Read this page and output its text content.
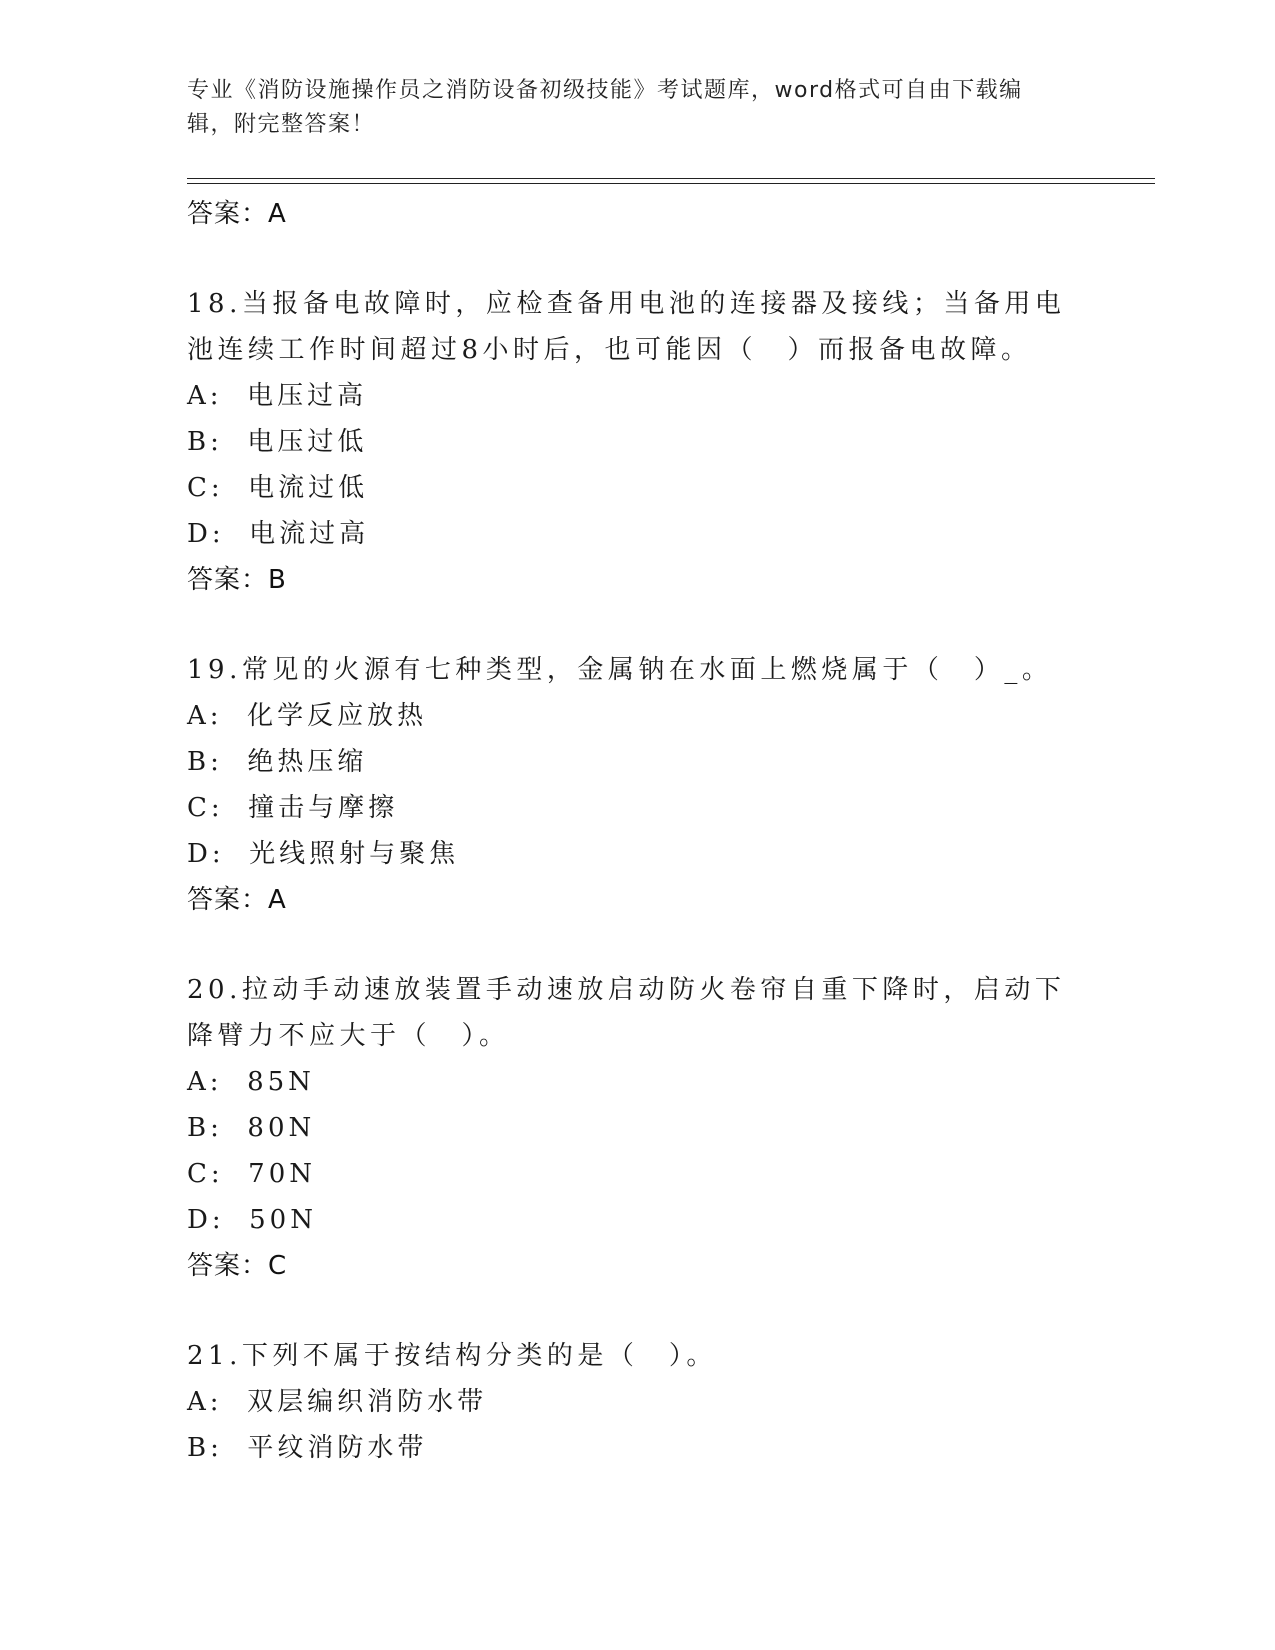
专业《消防设施操作员之消防设备初级技能》考试题库，word格式可自由下载编辑，附完整答案！
答案：A
18.当报备电故障时，应检查备用电池的连接器及接线；当备用电池连续工作时间超过8小时后，也可能因（　）而报备电故障。
A:  电压过高
B:  电压过低
C:  电流过低
D:  电流过高
答案：B
19.常见的火源有七种类型，金属钠在水面上燃烧属于（　）_。
A:  化学反应放热
B:  绝热压缩
C:  撞击与摩擦
D:  光线照射与聚焦
答案：A
20.拉动手动速放装置手动速放启动防火卷帘自重下降时，启动下降臂力不应大于（　）。
A:  85N
B:  80N
C:  70N
D:  50N
答案：C
21.下列不属于按结构分类的是（　）。
A:  双层编织消防水带
B:  平纹消防水带
